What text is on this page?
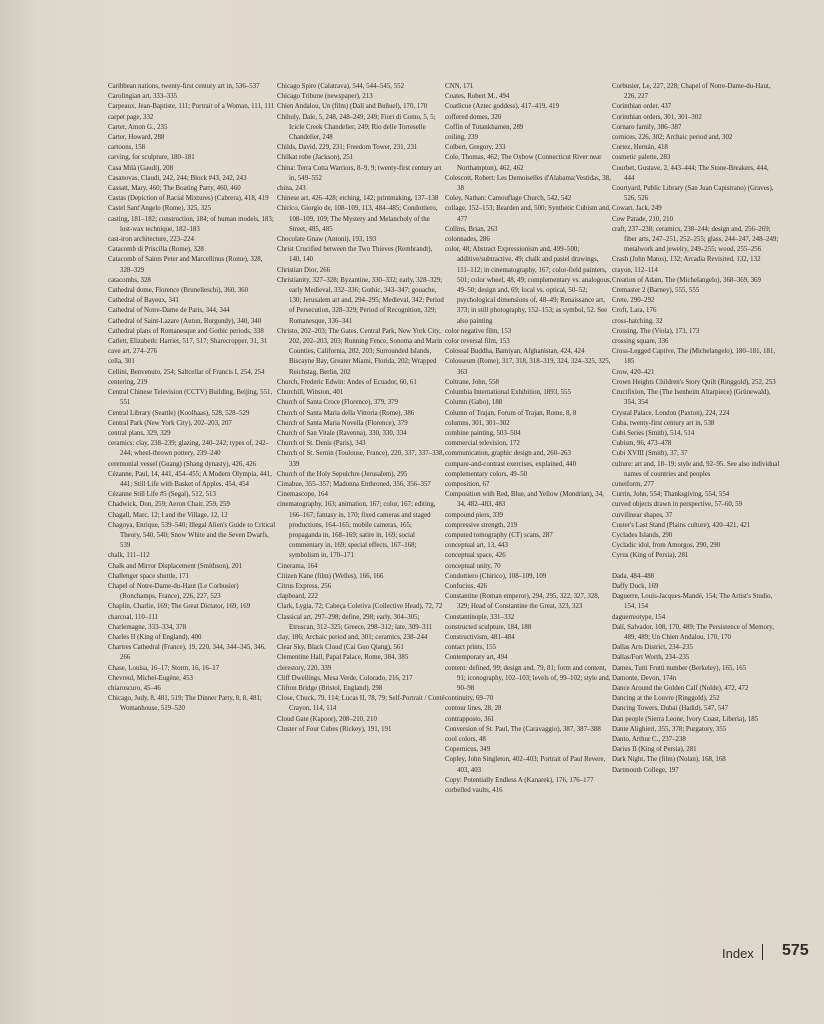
Caribbean nations, twenty-first century art in, 536–537

Carolingian art, 333–335

Carpeaux, Jean-Baptiste, 111; Portrait of a Woman, 111, 111

carpet page, 332

Carter, Amon G., 235

Carter, Howard, 288

cartoons, 158

carving, for sculpture, 180–181

Casa Milà (Gaudí), 208

Casanovas, Claudi, 242, 244; Block #43, 242, 243

Cassatt, Mary, 460; The Boating Party, 460, 460

Castas (Depiction of Racial Mixtures) (Cabrera), 418, 419

Castel Sant'Angelo (Rome), 325, 325

casting, 181–182; construction, 184; of human models, 183; lost-wax technique, 182–183

cast-iron architecture, 223–224

Catacomb di Priscilla (Rome), 328

Catacomb of Saints Peter and Marcellinus (Rome), 328, 328–329

catacombs, 328

Cathedral dome, Florence (Brunelleschi), 360, 360

Cathedral of Bayeux, 341

Cathedral of Notre-Dame de Paris, 344, 344

Cathedral of Saint-Lazare (Autun, Burgundy), 340, 340

Cathedral plans of Romanesque and Gothic periods, 338

Catlett, Elizabeth: Harriet, 517, 517; Sharecropper, 31, 31

cave art, 274–276

cella, 301

Cellini, Benvenuto, 254; Saltcellar of Francis I, 254, 254

centering, 219

Central Chinese Television (CCTV) Building, Beijing, 551, 551

Central Library (Seattle) (Koolhaas), 528, 528–529

Central Park (New York City), 202–203, 207

central plans, 329, 329

ceramics: clay, 238–239; glazing, 240–242; types of, 242–244; wheel-thrown pottery, 239–240

ceremonial vessel (Guang) (Shang dynasty), 426, 426

Cézanne, Paul, 14, 441, 454–455; A Modern Olympia, 441, 441; Still Life with Basket of Apples, 454, 454

Cézanne Still Life #5 (Segal), 512, 513

Chadwick, Don, 259; Aeron Chair, 259, 259

Chagall, Marc, 12; I and the Village, 12, 12

Chagoya, Enrique, 539–540; Illegal Alien's Guide to Critical Theory, 540, 540; Snow White and the Seven Dwarfs, 539

chalk, 111–112

Chalk and Mirror Displacement (Smithson), 201

Challenger space shuttle, 171

Chapel of Notre-Dame-du-Haut (Le Corbusier) (Ronchamps, France), 226, 227, 523

Chaplin, Charlie, 169; The Great Dictator, 169, 169

charcoal, 110–111

Charlemagne, 333–334, 378

Charles II (King of England), 400

Chartres Cathedral (France), 19, 220, 344, 344–345, 346, 266

Chase, Louisa, 16–17; Storm, 16, 16–17

Chevreul, Michel-Eugène, 453

chiaroscuro, 45–46

Chicago, Judy, 8, 481, 519; The Dinner Party, 8, 8, 481; Womanhouse, 519–520

Chicago Spire (Calatrava), 544, 544–545, 552

Chicago Tribune (newspaper), 213

Chien Andalou, Un (film) (Dalí and Buñuel), 170, 170

Chihuly, Dale, 5, 248, 248–249, 249; Fiori di Como, 5, 5; Icicle Creek Chandelier, 249; Rio delle Torreselle Chandelier, 248

Childs, David, 229, 231; Freedom Tower, 231, 231

Chilkat robe (Jackson), 251

China: Terra Cotta Warriors, 8–9, 9; twenty-first century art in, 549–552

china, 243

Chinese art, 426–428; etching, 142; printmaking, 137–138

Chirico, Giorgio de, 108–109, 113, 484–485; Condottiero, 108–109, 109; The Mystery and Melancholy of the Street, 485, 485

Chocolate Gnaw (Antoni), 193, 193

Christ Crucified between the Two Thieves (Rembrandt), 140, 140

Christian Dior, 266

Christianity, 327–328; Byzantine, 330–332; early, 328–329; early Medieval, 332–336; Gothic, 343–347; gouache, 130; Jerusalem art and, 294–295; Medieval, 342; Period of Persecution, 328–329; Period of Recognition, 329; Romanesque, 336–341

Christo, 202–203; The Gates, Central Park, New York City, 202, 202–203, 203; Running Fence, Sonoma and Marin Counties, California, 202, 203; Surrounded Islands, Biscayne Bay, Greater Miami, Florida, 202; Wrapped Reichstag, Berlin, 202

Church, Frederic Edwin: Andes of Ecuador, 60, 61

Churchill, Winston, 401

Church of Santa Croce (Florence), 379, 379

Church of Santa Maria della Vittoria (Rome), 386

Church of Santa Maria Novella (Florence), 379

Church of San Vitale (Ravenna), 330, 330, 334

Church of St. Denis (Paris), 343

Church of St. Sernin (Toulouse, France), 220, 337, 337–338, 339

Church of the Holy Sepulchre (Jerusalem), 295

Cimabue, 355–357; Madonna Enthroned, 356, 356–357

Cinemascope, 164

cinematography, 163; animation, 167; color, 167; editing, 166–167; fantasy in, 170; fixed cameras and staged productions, 164–165; mobile cameras, 165; propaganda in, 168–169; satire in, 169; social commentary in, 169; special effects, 167–168; symbolism in, 170–171

Cinerama, 164

Citizen Kane (film) (Welles), 166, 166

Citrus Express, 256

clapboard, 222

Clark, Lygia, 72; Cabeça Coletiva (Collective Head), 72, 72

Classical art, 297–298; define, 298; early, 304–305; Etruscan, 312–325; Greece, 298–312; late, 309–311

clay, 186; Archaic period and, 301; ceramics, 238–244

Clear Sky, Black Cloud (Cai Guo Qiang), 561

Clementine Hall, Papal Palace, Rome, 384, 385

clerestory, 220, 339

Cliff Dwellings, Mesa Verde, Colorado, 216, 217

Clifton Bridge (Bristol, England), 298

Close, Chuck, 79, 114; Lucas II, 78, 79; Self-Portrait / Conté Crayon, 114, 114

Cloud Gate (Kapoor), 208–210, 210

Cluster of Four Cubes (Rickey), 191, 191

CNN, 171

Coates, Robert M., 494

Coatlicue (Aztec goddess), 417–419, 419

coffered domes, 320

Coffin of Tutankhamen, 289

coiling, 239

Colbert, Gregory, 233

Cole, Thomas, 462; The Oxbow (Connecticut River near Northampton), 462, 462

Colescott, Robert: Les Demoiselles d'Alabama:Vestidas, 38, 38

Coley, Nathan: Camouflage Church, 542, 542

collage, 152–153; Bearden and, 500; Synthetic Cubism and, 477

Collins, Brian, 263

colonnades, 286

color, 48; Abstract Expressionism and, 499–500; additive/subtractive, 49; chalk and pastel drawings, 111–112; in cinematography, 167; color-field painters, 501; color wheel, 48, 49; complementary vs. analogous, 49–50; design and, 69; local vs. optical, 50–52; psychological dimensions of, 48–49; Renaissance art, 373; in still photography, 152–153; as symbol, 52. See also painting

color negative film, 153

color reversal film, 153

Colossal Buddha, Bamiyan, Afghanistan, 424, 424

Colosseum (Rome), 317, 318, 318–319, 324, 324–325, 325, 363

Coltrane, John, 558

Columbia International Exhibition, 1893, 555

Column (Gabo), 188

Column of Trajan, Forum of Trajan, Rome, 8, 8

columns, 301, 301–302

combine painting, 503–504

commercial television, 172

communication, graphic design and, 260–263

compare-and-contrast exercises, explained, 440

complementary colors, 49–50

composition, 67

Composition with Red, Blue, and Yellow (Mondrian), 34, 34, 482–483, 483

compound piers, 339

compressive strength, 219

computed tomography (CT) scans, 287

conceptual art, 13, 443

conceptual space, 426

conceptual unity, 70

Condottiero (Chirico), 108–109, 109

Confucius, 426

Constantine (Roman emperor), 294, 295, 322, 327, 328, 329; Head of Constantine the Great, 323, 323

Constantinople, 331–332

constructed sculpture, 184, 188

Constructivism, 481–484

contact prints, 155

Contemporary art, 494

content: defined, 99; design and, 79, 81; form and content, 91; iconography, 102–103; levels of, 99–102; style and, 90–98

continuity, 69–70

contour lines, 28, 28

contrapposto, 361

Conversion of St. Paul, The (Caravaggio), 387, 387–388

cool colors, 48

Copernicus, 349

Copley, John Singleton, 402–403; Portrait of Paul Revere, 403, 403

Copy: Potentially Endless A (Kanarek), 176, 176–177

corbelled vaults, 416

Corbusier, Le, 227, 228; Chapel of Notre-Dame-du-Haut, 226, 227

Corinthian order, 437

Corinthian orders, 301, 301–302

Cornaro family, 386–387

cornices, 226, 302; Archaic period and, 302

Cortez, Hernán, 418

cosmetic palette, 283

Courbet, Gustave, 2, 443–444; The Stone-Breakers, 444, 444

Courtyard, Public Library (San Juan Capistrano) (Graves), 526, 526

Cowart, Jack, 249

Cow Parade, 210, 210

craft, 237–238; ceramics, 238–244; design and, 256–269; fiber arts, 247–251, 252–255; glass, 244–247, 248–249; metalwork and jewelry, 249–255; wood, 255–256

Crash (John Matos), 132; Arcadia Revisited, 132, 132

crayon, 112–114

Creation of Adam, The (Michelangelo), 368–369, 369

Cremaster 2 (Barney), 555, 555

Crete, 290–292

Croft, Lara, 176

cross-hatching, 32

Crossing, The (Viola), 173, 173

crossing square, 336

Cross-Legged Captive, The (Michelangelo), 180–181, 181, 185

Crow, 420–421

Crown Heights Children's Story Quilt (Ringgold), 252, 253

Crucifixion, The (The Isenheim Altarpiece) (Grünewald), 354, 354

Crystal Palace, London (Paxton), 224, 224

Cuba, twenty-first century art in, 538

Cubi Series (Smith), 514, 514

Cubism, 96, 473–478

Cubi XVIII (Smith), 37, 37

culture: art and, 18–19; style and, 92–95. See also individual names of countries and peoples

cuneiform, 277

Currin, John, 554; Thanksgiving, 554, 554

curved objects drawn in perspective, 57–60, 59

curvilinear shapes, 37

Custer's Last Stand (Plains culture), 420–421, 421

Cyclades Islands, 290

Cycladic idol, from Amorgos, 290, 290

Cyrus (King of Persia), 281

Dada, 484–488

Daffy Duck, 169

Daguerre, Louis-Jacques-Mandé, 154; The Artist's Studio, 154, 154

daguerreotype, 154

Dalí, Salvador, 108, 170, 489; The Persistence of Memory, 489, 489; Un Chien Andalou, 170, 170

Dallas Arts District, 234–235

Dallas/Fort Worth, 234–235

Dames, Tutti Frutti number (Berkeley), 165, 165

Damonte, Devon, 174n

Dance Around the Golden Calf (Nolde), 472, 472

Dancing at the Louvre (Ringgold), 252

Dancing Towers, Dubai (Hadid), 547, 547

Dan people (Sierra Leone, Ivory Coast, Liberia), 185

Dante Alighieri, 355, 378; Purgatory, 355

Danto, Arthur C., 237–238

Darius II (King of Persia), 281

Dark Night, The (film) (Nolan), 168, 168

Dartmouth College, 197

Index 575
